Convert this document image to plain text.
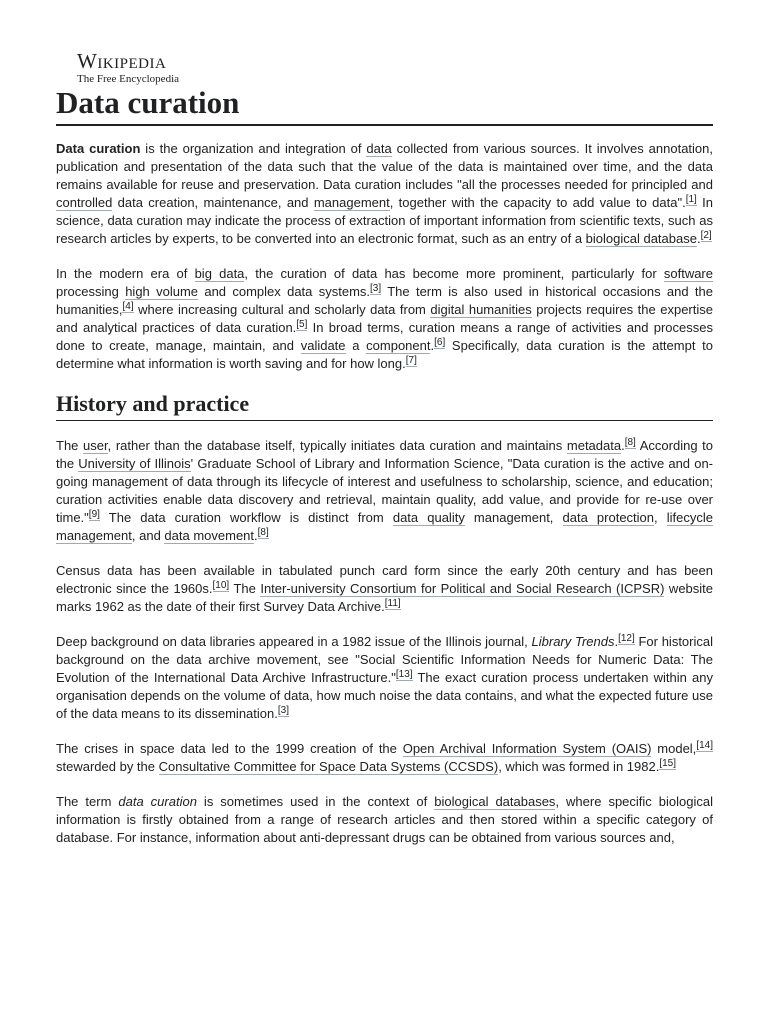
Wikipedia
The Free Encyclopedia
Data curation

Data curation is the organization and integration of data collected from various sources. It involves annotation, publication and presentation of the data such that the value of the data is maintained over time, and the data remains available for reuse and preservation. Data curation includes "all the processes needed for principled and controlled data creation, maintenance, and management, together with the capacity to add value to data".[1] In science, data curation may indicate the process of extraction of important information from scientific texts, such as research articles by experts, to be converted into an electronic format, such as an entry of a biological database.[2]

In the modern era of big data, the curation of data has become more prominent, particularly for software processing high volume and complex data systems.[3] The term is also used in historical occasions and the humanities,[4] where increasing cultural and scholarly data from digital humanities projects requires the expertise and analytical practices of data curation.[5] In broad terms, curation means a range of activities and processes done to create, manage, maintain, and validate a component.[6] Specifically, data curation is the attempt to determine what information is worth saving and for how long.[7]

History and practice

The user, rather than the database itself, typically initiates data curation and maintains metadata.[8] According to the University of Illinois' Graduate School of Library and Information Science, "Data curation is the active and on-going management of data through its lifecycle of interest and usefulness to scholarship, science, and education; curation activities enable data discovery and retrieval, maintain quality, add value, and provide for re-use over time."[9] The data curation workflow is distinct from data quality management, data protection, lifecycle management, and data movement.[8]

Census data has been available in tabulated punch card form since the early 20th century and has been electronic since the 1960s.[10] The Inter-university Consortium for Political and Social Research (ICPSR) website marks 1962 as the date of their first Survey Data Archive.[11]

Deep background on data libraries appeared in a 1982 issue of the Illinois journal, Library Trends.[12] For historical background on the data archive movement, see "Social Scientific Information Needs for Numeric Data: The Evolution of the International Data Archive Infrastructure."[13] The exact curation process undertaken within any organisation depends on the volume of data, how much noise the data contains, and what the expected future use of the data means to its dissemination.[3]

The crises in space data led to the 1999 creation of the Open Archival Information System (OAIS) model,[14] stewarded by the Consultative Committee for Space Data Systems (CCSDS), which was formed in 1982.[15]

The term data curation is sometimes used in the context of biological databases, where specific biological information is firstly obtained from a range of research articles and then stored within a specific category of database. For instance, information about anti-depressant drugs can be obtained from various sources and,
